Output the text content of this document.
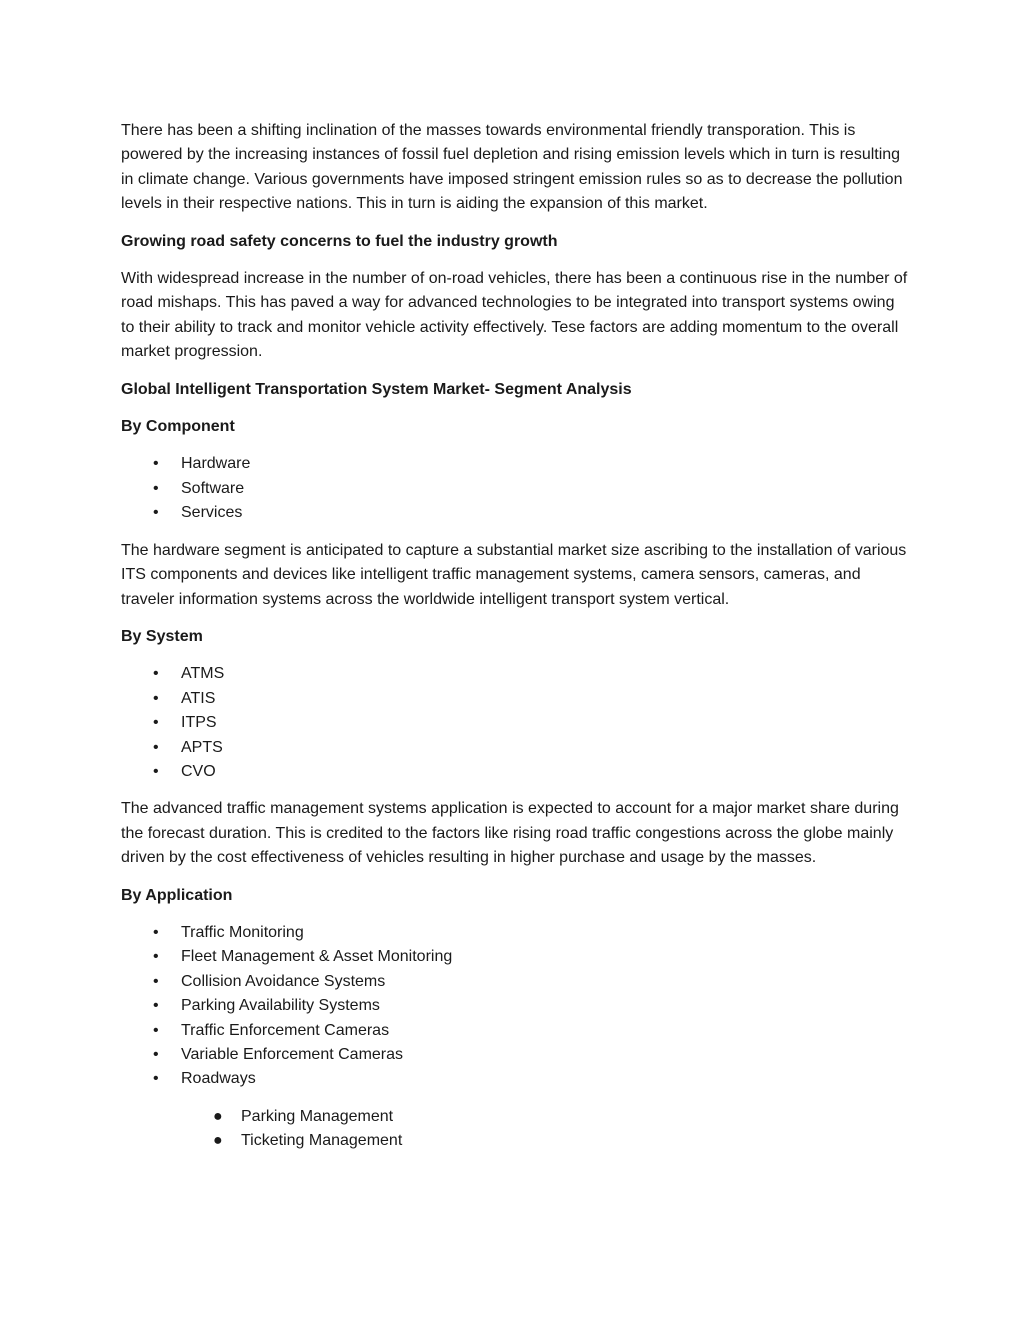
There has been a shifting inclination of the masses towards environmental friendly transporation. This is powered by the increasing instances of fossil fuel depletion and rising emission levels which in turn is resulting in climate change. Various governments have imposed stringent emission rules so as to decrease the pollution levels in their respective nations. This in turn is aiding the expansion of this market.

Growing road safety concerns to fuel the industry growth

With widespread increase in the number of on-road vehicles, there has been a continuous rise in the number of road mishaps. This has paved a way for advanced technologies to be integrated into transport systems owing to their ability to track and monitor vehicle activity effectively. Tese factors are adding momentum to the overall market progression.

Global Intelligent Transportation System Market- Segment Analysis

By Component

• Hardware
• Software
• Services

The hardware segment is anticipated to capture a substantial market size ascribing to the installation of various ITS components and devices like intelligent traffic management systems, camera sensors, cameras, and traveler information systems across the worldwide intelligent transport system vertical.

By System

• ATMS
• ATIS
• ITPS
• APTS
• CVO

The advanced traffic management systems application is expected to account for a major market share during the forecast duration. This is credited to the factors like rising road traffic congestions across the globe mainly driven by the cost effectiveness of vehicles resulting in higher purchase and usage by the masses.

By Application

• Traffic Monitoring
• Fleet Management & Asset Monitoring
• Collision Avoidance Systems
• Parking Availability Systems
• Traffic Enforcement Cameras
• Variable Enforcement Cameras
• Roadways
● Parking Management
● Ticketing Management
